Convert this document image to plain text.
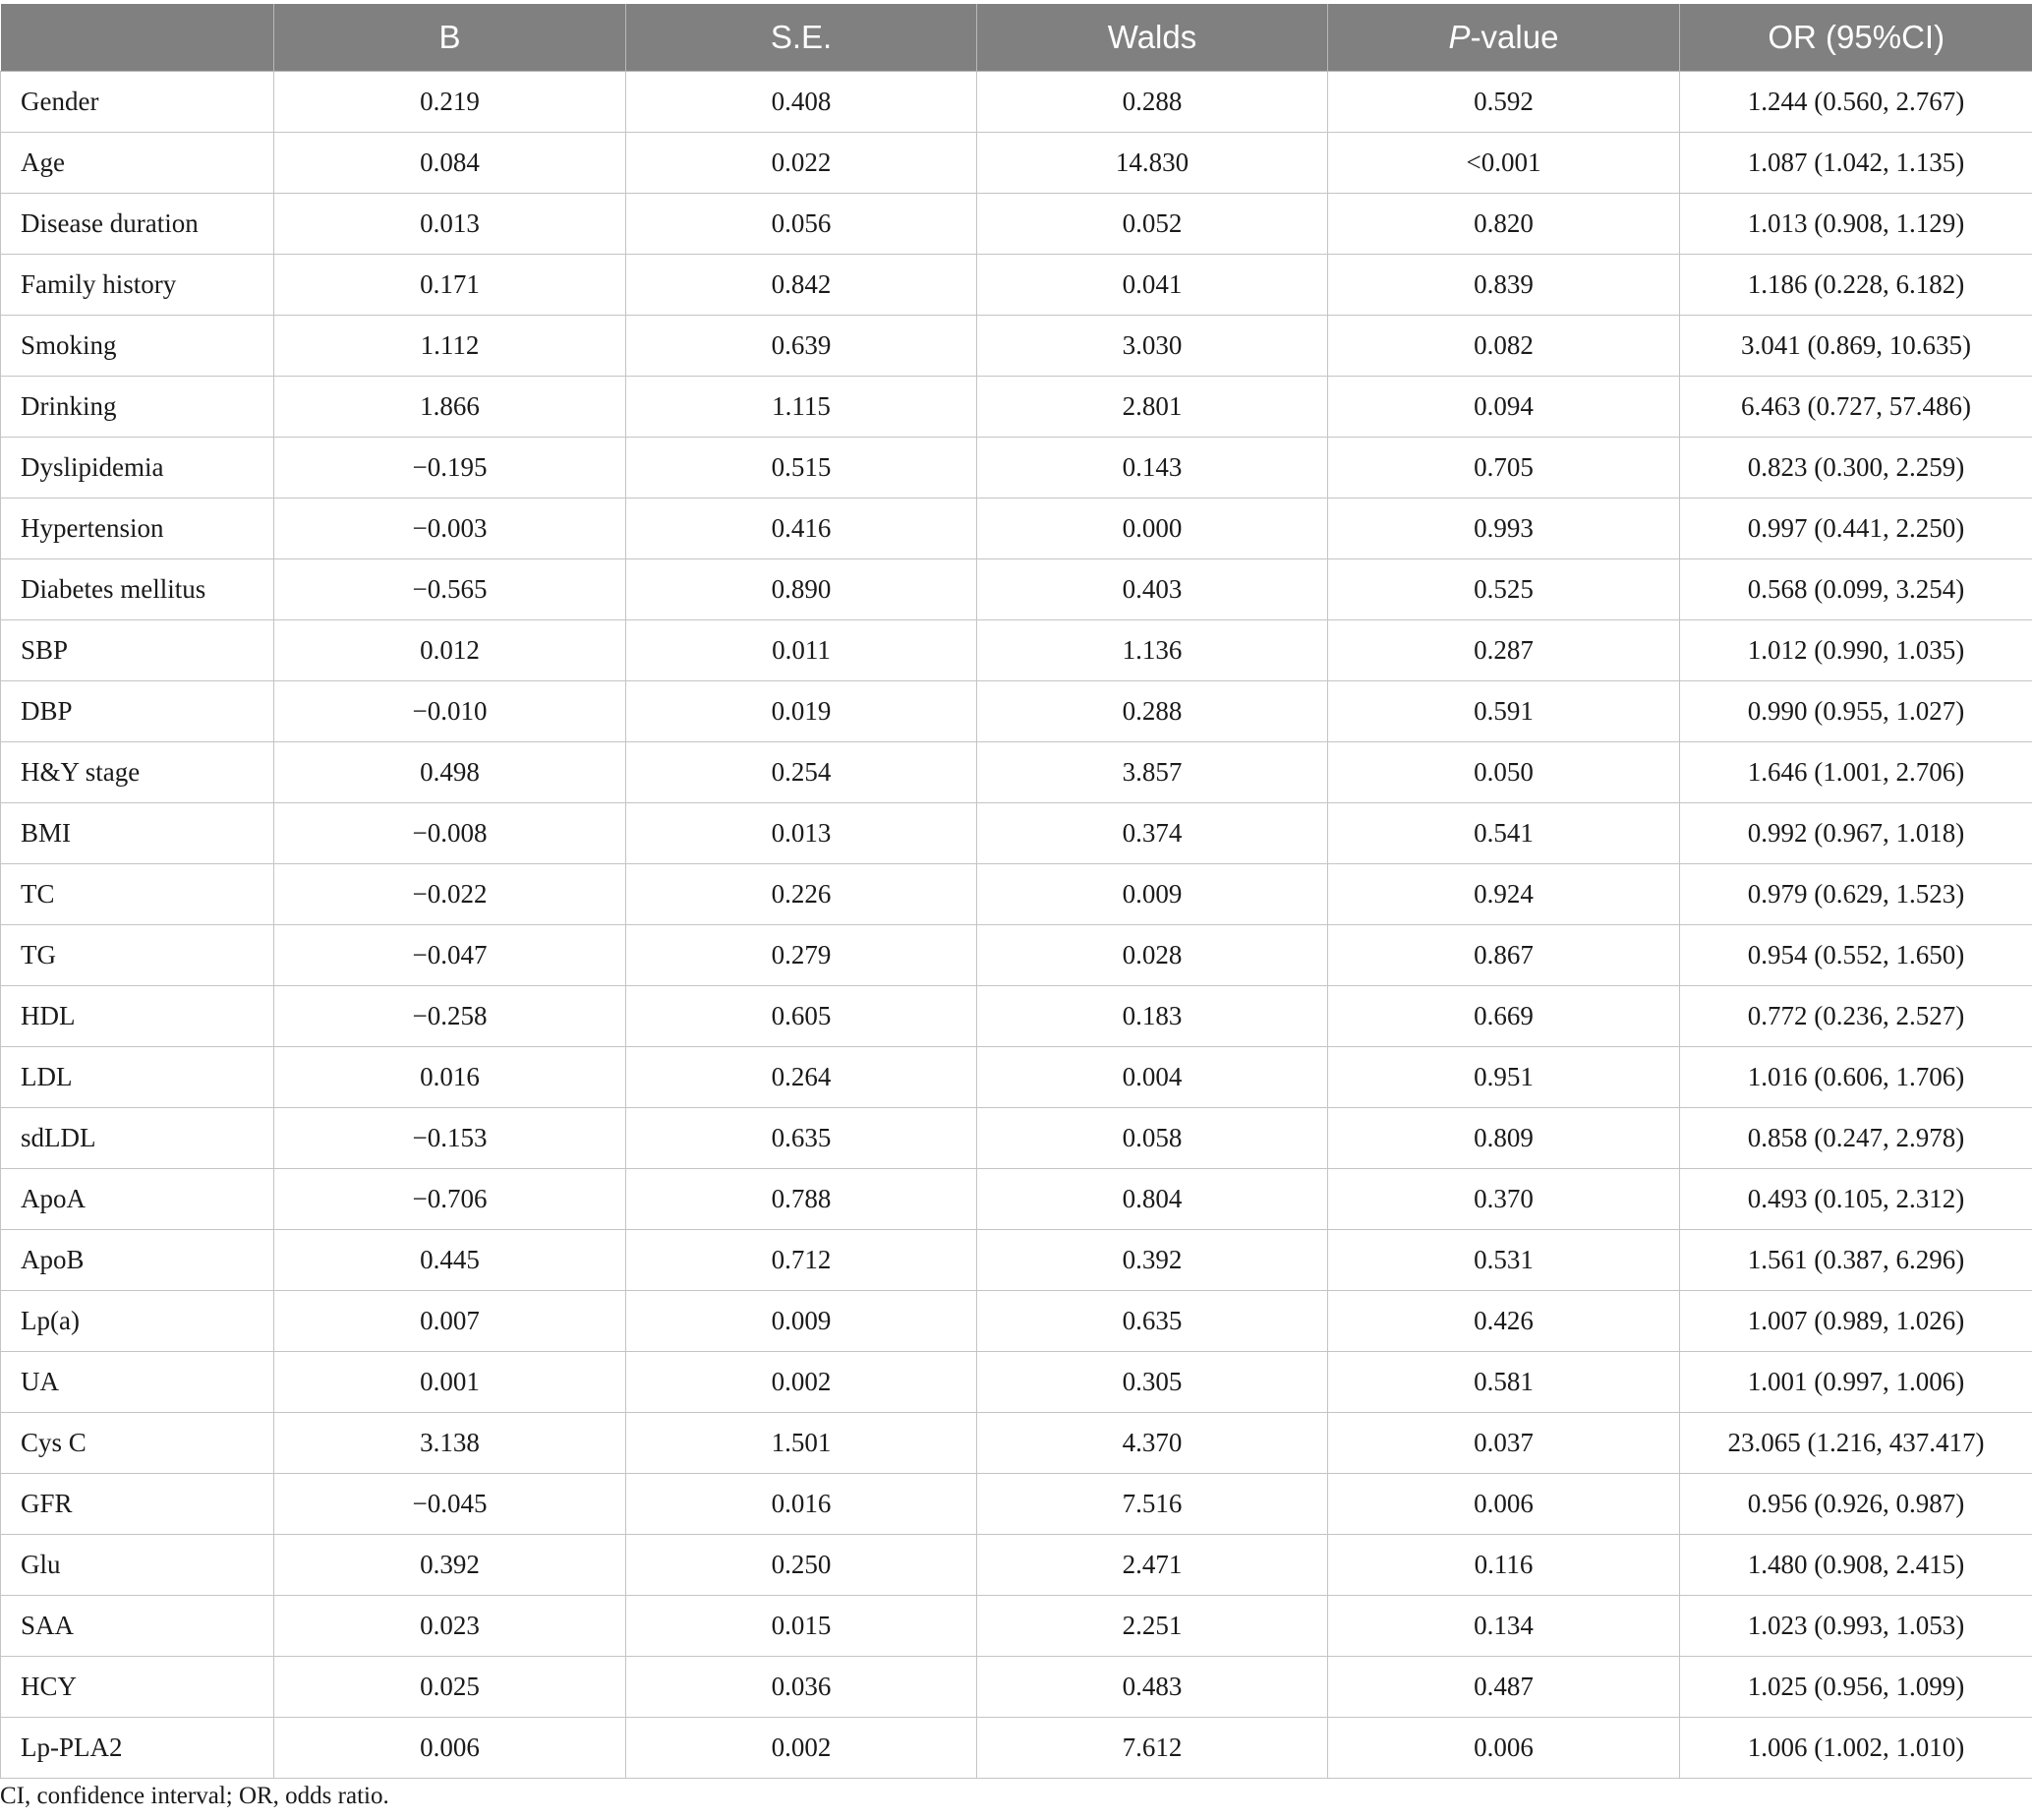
	B	S.E.	Walds	P-value	OR (95%CI)
Gender	0.219	0.408	0.288	0.592	1.244 (0.560, 2.767)
Age	0.084	0.022	14.830	<0.001	1.087 (1.042, 1.135)
Disease duration	0.013	0.056	0.052	0.820	1.013 (0.908, 1.129)
Family history	0.171	0.842	0.041	0.839	1.186 (0.228, 6.182)
Smoking	1.112	0.639	3.030	0.082	3.041 (0.869, 10.635)
Drinking	1.866	1.115	2.801	0.094	6.463 (0.727, 57.486)
Dyslipidemia	−0.195	0.515	0.143	0.705	0.823 (0.300, 2.259)
Hypertension	−0.003	0.416	0.000	0.993	0.997 (0.441, 2.250)
Diabetes mellitus	−0.565	0.890	0.403	0.525	0.568 (0.099, 3.254)
SBP	0.012	0.011	1.136	0.287	1.012 (0.990, 1.035)
DBP	−0.010	0.019	0.288	0.591	0.990 (0.955, 1.027)
H&Y stage	0.498	0.254	3.857	0.050	1.646 (1.001, 2.706)
BMI	−0.008	0.013	0.374	0.541	0.992 (0.967, 1.018)
TC	−0.022	0.226	0.009	0.924	0.979 (0.629, 1.523)
TG	−0.047	0.279	0.028	0.867	0.954 (0.552, 1.650)
HDL	−0.258	0.605	0.183	0.669	0.772 (0.236, 2.527)
LDL	0.016	0.264	0.004	0.951	1.016 (0.606, 1.706)
sdLDL	−0.153	0.635	0.058	0.809	0.858 (0.247, 2.978)
ApoA	−0.706	0.788	0.804	0.370	0.493 (0.105, 2.312)
ApoB	0.445	0.712	0.392	0.531	1.561 (0.387, 6.296)
Lp(a)	0.007	0.009	0.635	0.426	1.007 (0.989, 1.026)
UA	0.001	0.002	0.305	0.581	1.001 (0.997, 1.006)
Cys C	3.138	1.501	4.370	0.037	23.065 (1.216, 437.417)
GFR	−0.045	0.016	7.516	0.006	0.956 (0.926, 0.987)
Glu	0.392	0.250	2.471	0.116	1.480 (0.908, 2.415)
SAA	0.023	0.015	2.251	0.134	1.023 (0.993, 1.053)
HCY	0.025	0.036	0.483	0.487	1.025 (0.956, 1.099)
Lp-PLA2	0.006	0.002	7.612	0.006	1.006 (1.002, 1.010)
CI, confidence interval; OR, odds ratio.
